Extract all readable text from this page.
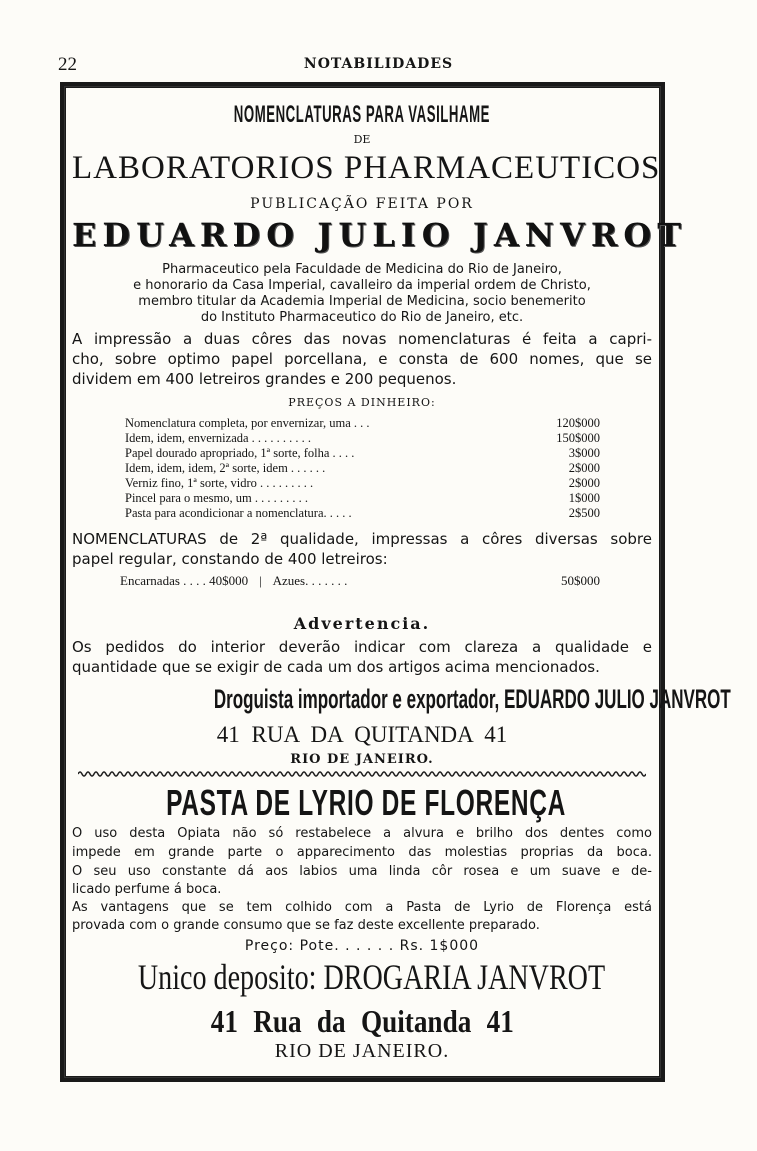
22	NOTABILIDADES
NOMENCLATURAS PARA VASILHAME
DE
LABORATORIOS PHARMACEUTICOS
PUBLICAÇÃO FEITA POR
EDUARDO JULIO JANVROT
Pharmaceutico pela Faculdade de Medicina do Rio de Janeiro,
e honorario da Casa Imperial, cavalleiro da imperial ordem de Christo,
membro titular da Academia Imperial de Medicina, socio benemerito
do Instituto Pharmaceutico do Rio de Janeiro, etc.
A impressão a duas côres das novas nomenclaturas é feita a capri-
cho, sobre optimo papel porcellana, e consta de 600 nomes, que se
dividem em 400 letreiros grandes e 200 pequenos.
PREÇOS A DINHEIRO:
Nomenclatura completa, por envernizar, uma . . .	120$000
Idem, idem, envernizada . . . . . . . . . .	150$000
Papel dourado apropriado, 1ª sorte, folha . . . .	3$000
Idem, idem, idem, 2ª sorte, idem . . . . . .	2$000
Verniz fino, 1ª sorte, vidro . . . . . . . . .	2$000
Pincel para o mesmo, um . . . . . . . . .	1$000
Pasta para acondicionar a nomenclatura. . . . .	2$500
NOMENCLATURAS de 2ª qualidade, impressas a côres diversas sobre
papel regular, constando de 400 letreiros:
Encarnadas . . . . 40$000 | Azues. . . . . . .	50$000
Advertencia.
Os pedidos do interior deverão indicar com clareza a qualidade e
quantidade que se exigir de cada um dos artigos acima mencionados.
Droguista importador e exportador, EDUARDO JULIO JANVROT
41 RUA DA QUITANDA 41
RIO DE JANEIRO.
PASTA DE LYRIO DE FLORENÇA
O uso desta Opiata não só restabelece a alvura e brilho dos dentes como
impede em grande parte o apparecimento das molestias proprias da boca.
O seu uso constante dá aos labios uma linda côr rosea e um suave e de-
licado perfume á boca.
As vantagens que se tem colhido com a Pasta de Lyrio de Florença está
provada com o grande consumo que se faz deste excellente preparado.
Preço: Pote. . . . . . Rs. 1$000
Unico deposito: DROGARIA JANVROT
41 Rua da Quitanda 41
RIO DE JANEIRO.
